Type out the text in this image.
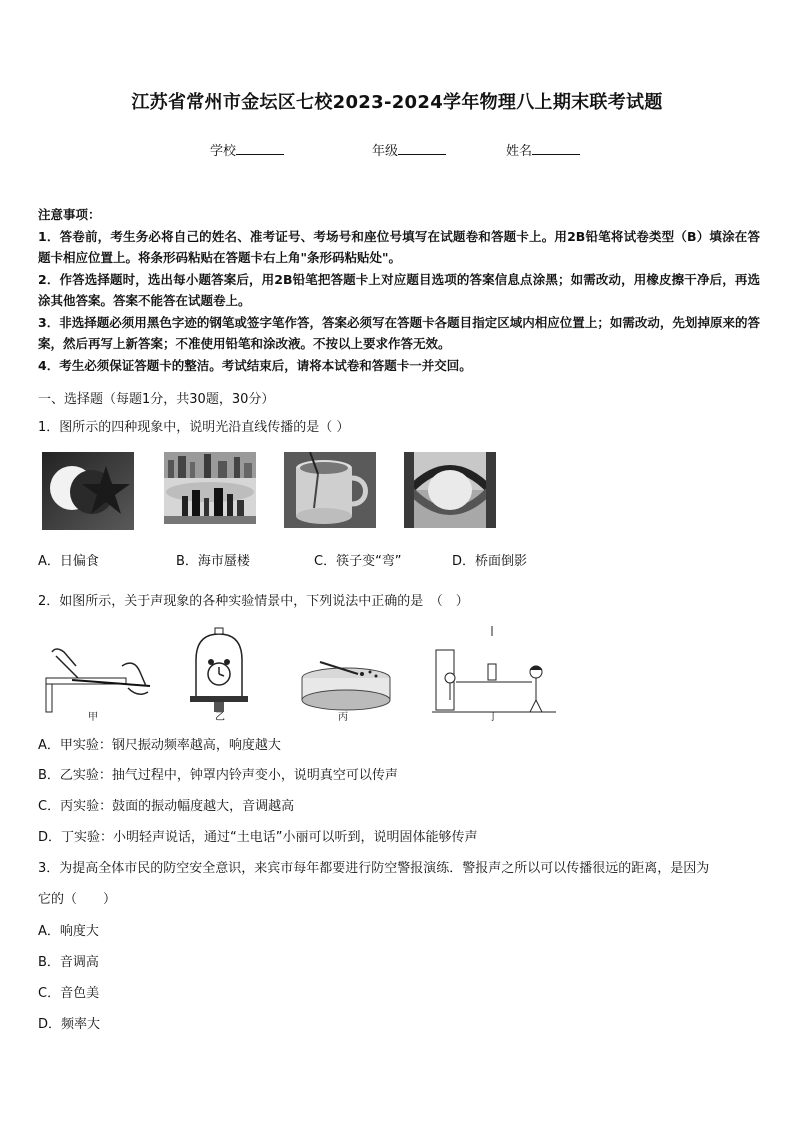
江苏省常州市金坛区七校2023-2024学年物理八上期末联考试题
学校	年级	姓名

注意事项：

1．答卷前，考生务必将自己的姓名、准考证号、考场号和座位号填写在试题卷和答题卡上。用2B铅笔将试卷类型（B）填涂在答题卡相应位置上。将条形码粘贴在答题卡右上角"条形码粘贴处"。

2．作答选择题时，选出每小题答案后，用2B铅笔把答题卡上对应题目选项的答案信息点涂黑；如需改动，用橡皮擦干净后，再选涂其他答案。答案不能答在试题卷上。

3．非选择题必须用黑色字迹的钢笔或签字笔作答，答案必须写在答题卡各题目指定区域内相应位置上；如需改动，先划掉原来的答案，然后再写上新答案；不准使用铅笔和涂改液。不按以上要求作答无效。

4．考生必须保证答题卡的整洁。考试结束后，请将本试卷和答题卡一并交回。

一、选择题（每题1分，共30题，30分）
1．图所示的四种现象中，说明光沿直线传播的是（ ）
A．日偏食	B．海市蜃楼	C．筷子变“弯”	D．桥面倒影
2．如图所示，关于声现象的各种实验情景中，下列说法中正确的是　（　）
甲	乙	丙	丁
A．甲实验：钢尺振动频率越高，响度越大
B．乙实验：抽气过程中，钟罩内铃声变小，说明真空可以传声
C．丙实验：鼓面的振动幅度越大，音调越高
D．丁实验：小明轻声说话，通过“土电话”小丽可以听到，说明固体能够传声
3．为提高全体市民的防空安全意识，来宾市每年都要进行防空警报演练．警报声之所以可以传播很远的距离，是因为
它的（　　）
A．响度大
B．音调高
C．音色美
D．频率大
